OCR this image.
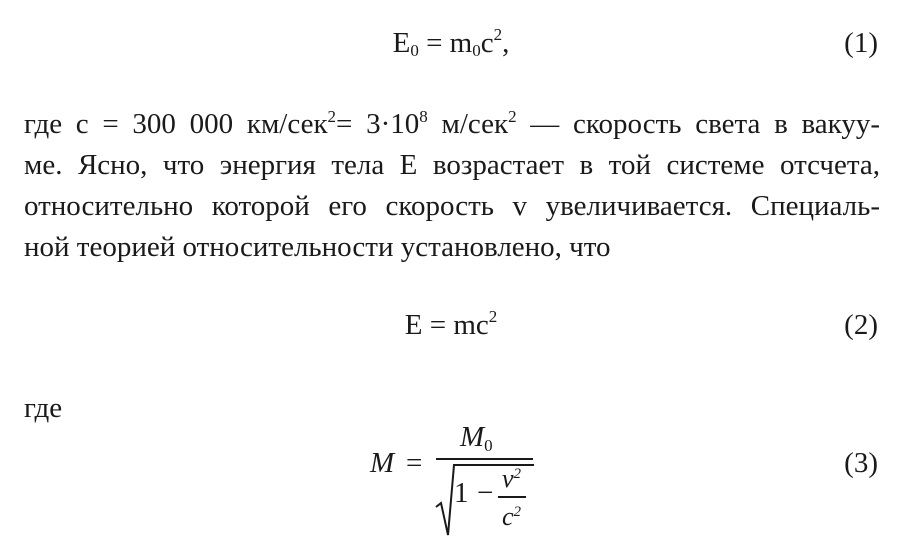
$E_0 = m_0c^2$,	(1)
где с = 300 000 $км/сек^2= 3\cdot 10^8$ м/сек$^2$ — скорость света в вакуу-
ме. Ясно, что энергия тела Е возрастает в той системе отсчета,
относительно которой его скорость v увеличивается. Специаль-
ной теорией относительности установлено, что
$E = mc^2$	(2)
где
M =
$M_0$
$1 - v^2$
$c^2$
(3)
